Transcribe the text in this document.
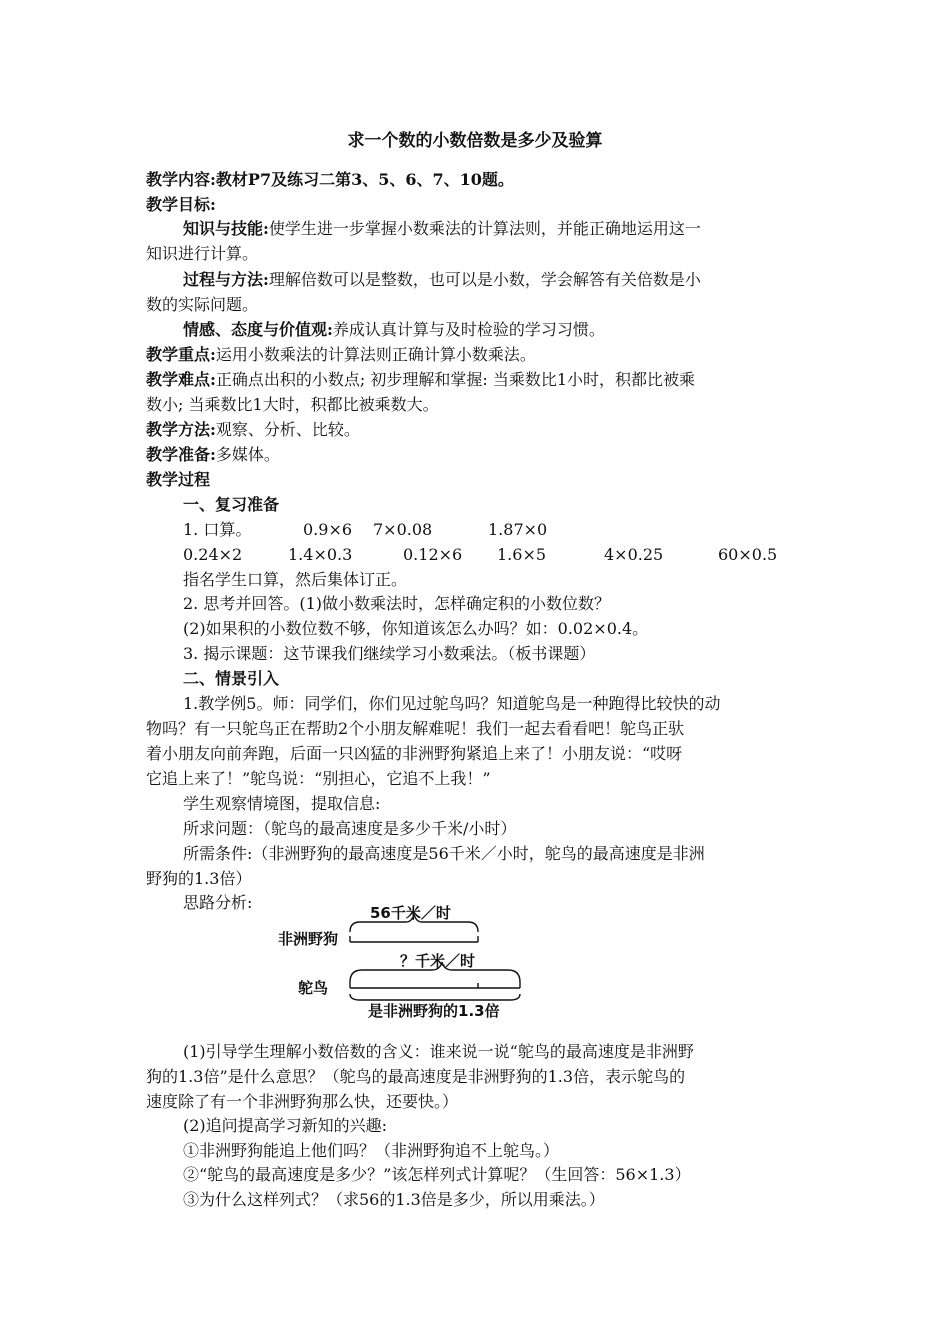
求一个数的小数倍数是多少及验算
教学内容:教材P7及练习二第3、5、6、7、10题。
教学目标:
知识与技能:使学生进一步掌握小数乘法的计算法则，并能正确地运用这一
知识进行计算。
过程与方法:理解倍数可以是整数，也可以是小数，学会解答有关倍数是小
数的实际问题。
情感、态度与价值观:养成认真计算与及时检验的学习习惯。
教学重点:运用小数乘法的计算法则正确计算小数乘法。
教学难点:正确点出积的小数点; 初步理解和掌握: 当乘数比1小时，积都比被乘
数小; 当乘数比1大时，积都比被乘数大。
教学方法:观察、分析、比较。
教学准备:多媒体。
教学过程
一、复习准备
1. 口算。	0.9×6 7×0.08	1.87×0
0.24×2	1.4×0.3	0.12×6 1.6×5	4×0.25	60×0.5
指名学生口算，然后集体订正。
2. 思考并回答。(1)做小数乘法时，怎样确定积的小数位数？
(2)如果积的小数位数不够，你知道该怎么办吗？如：0.02×0.4。
3. 揭示课题：这节课我们继续学习小数乘法。（板书课题）
二、情景引入
1.教学例5。师：同学们，你们见过鸵鸟吗？知道鸵鸟是一种跑得比较快的动
物吗？有一只鸵鸟正在帮助2个小朋友解难呢！我们一起去看看吧！鸵鸟正驮
着小朋友向前奔跑，后面一只凶猛的非洲野狗紧追上来了！小朋友说：“哎呀
它追上来了！”鸵鸟说：“别担心，它追不上我！”
学生观察情境图，提取信息:
所求问题：（鸵鸟的最高速度是多少千米/小时）
所需条件:（非洲野狗的最高速度是56千米／小时，鸵鸟的最高速度是非洲
野狗的1.3倍）
思路分析:
56千米／时
非洲野狗
？千米／时
鸵鸟
是非洲野狗的1.3倍
(1)引导学生理解小数倍数的含义：谁来说一说“鸵鸟的最高速度是非洲野
狗的1.3倍”是什么意思？（鸵鸟的最高速度是非洲野狗的1.3倍，表示鸵鸟的
速度除了有一个非洲野狗那么快，还要快。）
(2)追问提高学习新知的兴趣:
①非洲野狗能追上他们吗？（非洲野狗追不上鸵鸟。）
②“鸵鸟的最高速度是多少？”该怎样列式计算呢？（生回答：56×1.3）
③为什么这样列式？（求56的1.3倍是多少，所以用乘法。）
